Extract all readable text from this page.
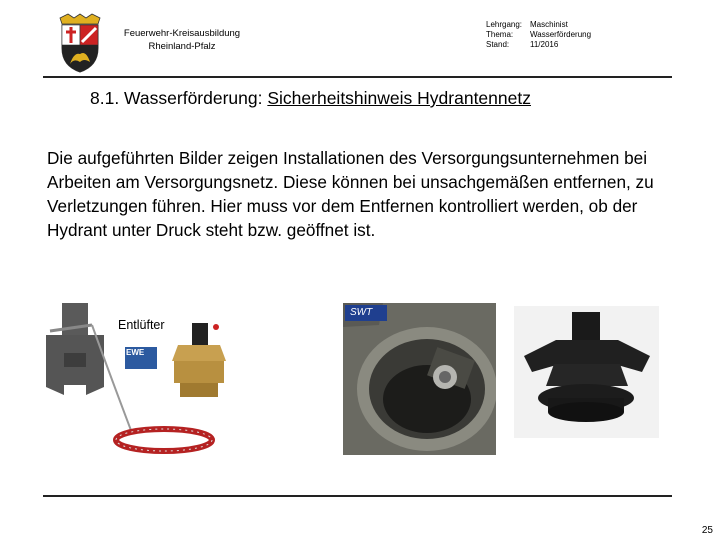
Feuerwehr-Kreisausbildung
Rheinland-Pfalz
Lehrgang: Maschinist
Thema:	Wasserförderung
Stand:	11/2016
8.1. Wasserförderung: Sicherheitshinweis Hydrantennetz
Die aufgeführten Bilder zeigen Installationen des Versorgungsunternehmen bei Arbeiten am Versorgungsnetz. Diese können bei unsachgemäßen entfernen, zu Verletzungen führen. Hier muss vor dem Entfernen kontrolliert werden, ob der Hydrant unter Druck steht bzw. geöffnet ist.
EWE
Entlüfter
SWT
25
